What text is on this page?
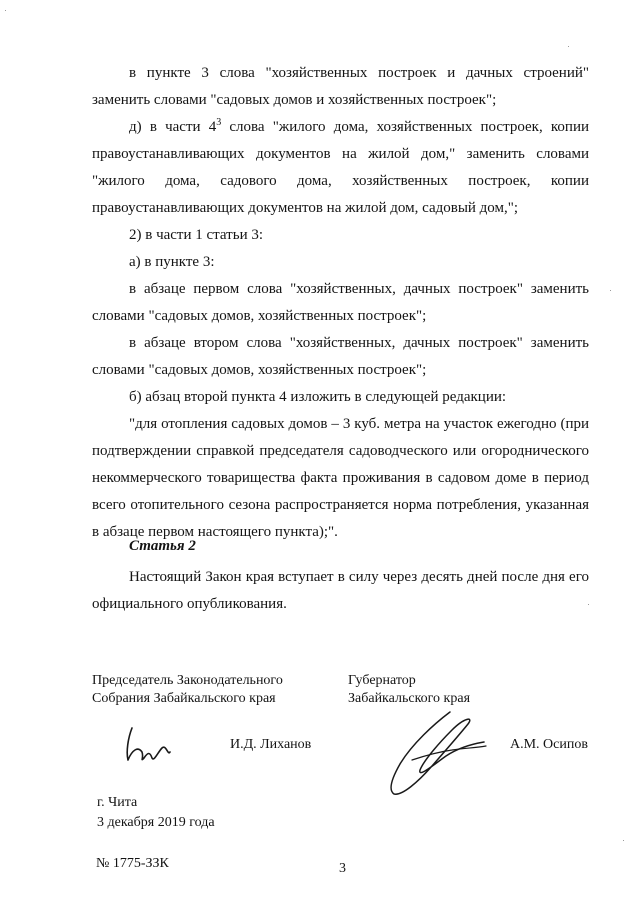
в пункте 3 слова "хозяйственных построек и дачных строений" заменить словами "садовых домов и хозяйственных построек";

д) в части $4^3$ слова "жилого дома, хозяйственных построек, копии правоустанавливающих документов на жилой дом," заменить словами "жилого дома, садового дома, хозяйственных построек, копии правоустанавливающих документов на жилой дом, садовый дом,";

2) в части 1 статьи 3:

а) в пункте 3:

в абзаце первом слова "хозяйственных, дачных построек" заменить словами "садовых домов, хозяйственных построек";

в абзаце втором слова "хозяйственных, дачных построек" заменить словами "садовых домов, хозяйственных построек";

б) абзац второй пункта 4 изложить в следующей редакции:

"для отопления садовых домов – 3 куб. метра на участок ежегодно (при подтверждении справкой председателя садоводческого или огороднического некоммерческого товарищества факта проживания в садовом доме в период всего отопительного сезона распространяется норма потребления, указанная в абзаце первом настоящего пункта);".

Статья 2

Настоящий Закон края вступает в силу через десять дней после дня его официального опубликования.

Председатель Законодательного

Собрания Забайкальского края

Губернатор

Забайкальского края

И.Д. Лиханов	А.М. Осипов

г. Чита

3 декабря 2019 года

№ 1775-ЗЗК	3
